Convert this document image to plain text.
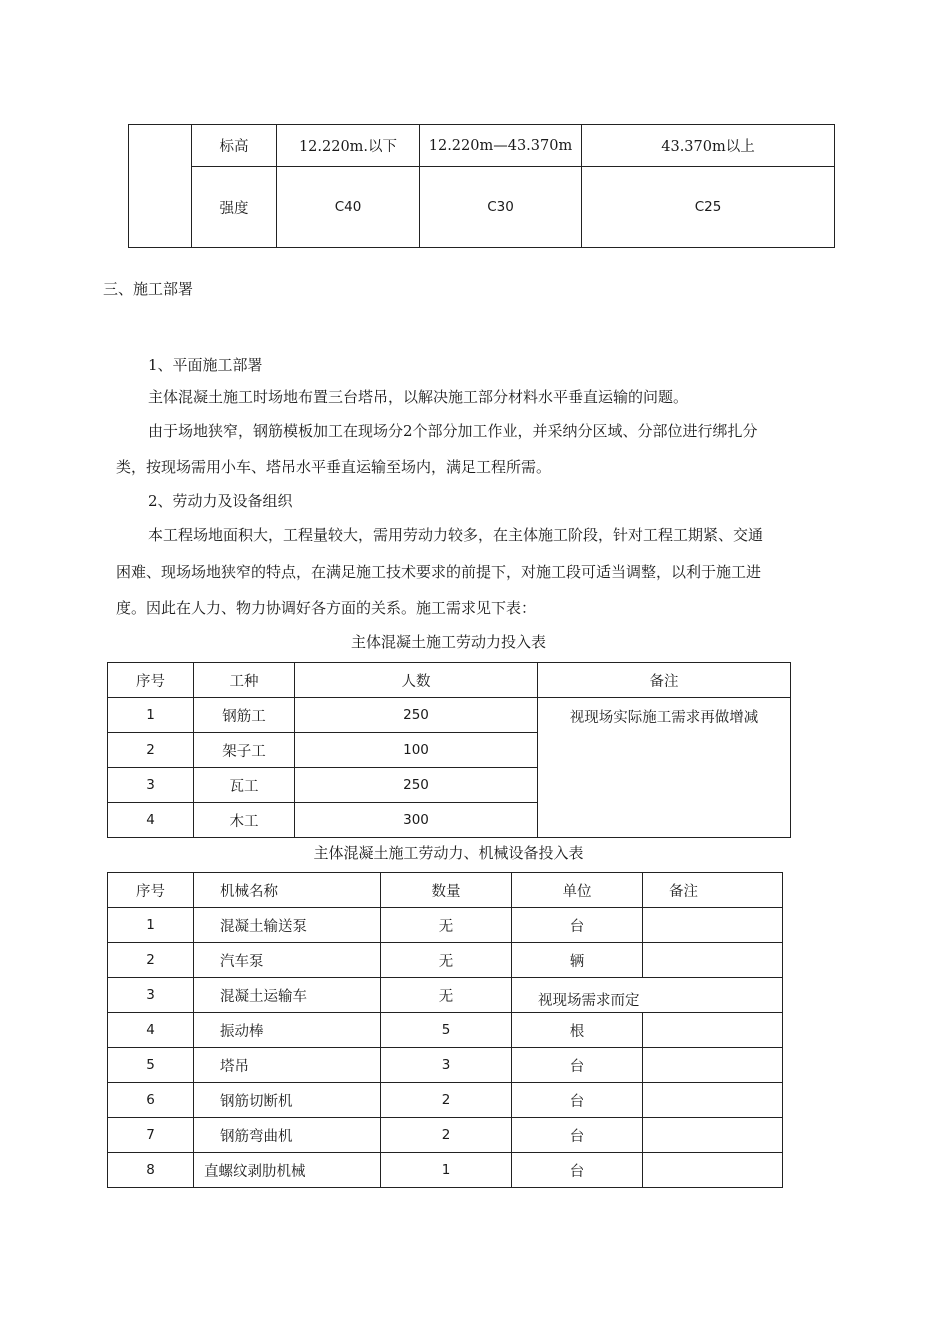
	标高	12.220m.以下	12.220m—43.370m	43.370m以上
	强度	C40	C30	C25

三、施工部署

1、平面施工部署

主体混凝土施工时场地布置三台塔吊，以解决施工部分材料水平垂直运输的问题。

由于场地狭窄，钢筋模板加工在现场分2个部分加工作业，并采纳分区域、分部位进行绑扎分

类，按现场需用小车、塔吊水平垂直运输至场内，满足工程所需。

2、劳动力及设备组织

本工程场地面积大，工程量较大，需用劳动力较多，在主体施工阶段，针对工程工期紧、交通

困难、现场场地狭窄的特点，在满足施工技术要求的前提下，对施工段可适当调整，以利于施工进

度。因此在人力、物力协调好各方面的关系。施工需求见下表：

主体混凝土施工劳动力投入表
序号	工种	人数	备注
1	钢筋工	250	视现场实际施工需求再做增减
2	架子工	100	
3	瓦工	250	
4	木工	300	
主体混凝土施工劳动力、机械设备投入表
序号	机械名称	数量	单位	备注
1	混凝土输送泵	无	台	
2	汽车泵	无	辆	
3	混凝土运输车	无	视现场需求而定	
4	振动棒	5	根	
5	塔吊	3	台	
6	钢筋切断机	2	台	
7	钢筋弯曲机	2	台	
8	直螺纹剥肋机械	1	台	
